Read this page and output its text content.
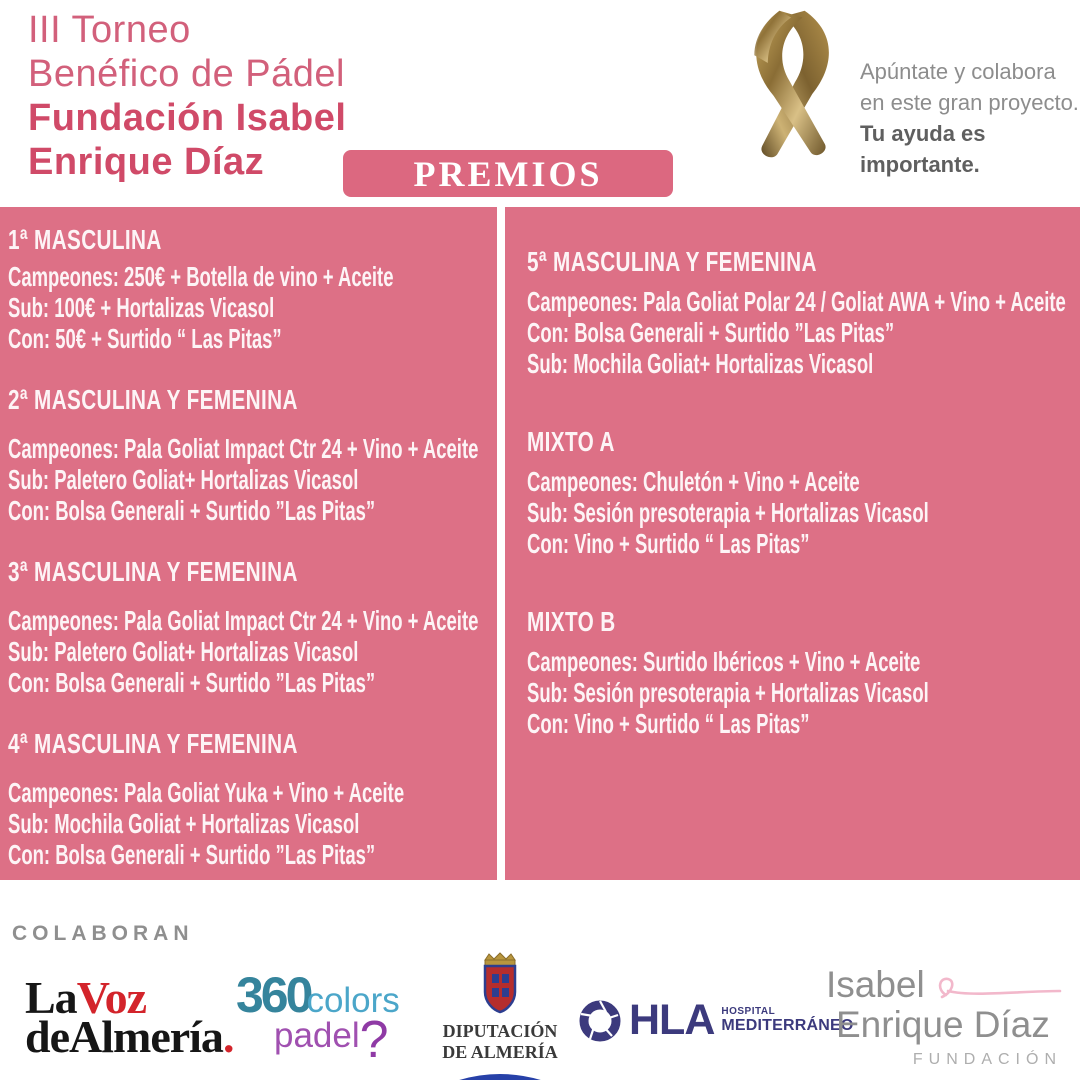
III Torneo
Benéfico de Pádel
Fundación Isabel
Enrique Díaz
Apúntate y colabora
en este gran proyecto.
Tu ayuda es importante.
PREMIOS
1ª MASCULINA
Campeones: 250€ + Botella de vino + Aceite
Sub: 100€ + Hortalizas Vicasol
Con: 50€ + Surtido “ Las Pitas”
2ª MASCULINA Y FEMENINA
Campeones: Pala Goliat Impact Ctr 24 + Vino + Aceite
Sub: Paletero Goliat+ Hortalizas Vicasol
Con: Bolsa Generali + Surtido ”Las Pitas”
3ª MASCULINA Y FEMENINA
Campeones: Pala Goliat Impact Ctr 24 + Vino + Aceite
Sub: Paletero Goliat+ Hortalizas Vicasol
Con: Bolsa Generali + Surtido ”Las Pitas”
4ª MASCULINA Y FEMENINA
Campeones: Pala Goliat Yuka + Vino + Aceite
Sub: Mochila Goliat + Hortalizas Vicasol
Con: Bolsa Generali + Surtido ”Las Pitas”
5ª MASCULINA Y FEMENINA
Campeones: Pala Goliat Polar 24 / Goliat AWA + Vino + Aceite
Con: Bolsa Generali + Surtido ”Las Pitas”
Sub: Mochila Goliat+ Hortalizas Vicasol
MIXTO A
Campeones: Chuletón + Vino + Aceite
Sub: Sesión presoterapia + Hortalizas Vicasol
Con: Vino + Surtido “ Las Pitas”
MIXTO B
Campeones: Surtido Ibéricos + Vino + Aceite
Sub: Sesión presoterapia + Hortalizas Vicasol
Con: Vino + Surtido “ Las Pitas”
COLABORAN
LaVoz
deAlmería.
360colors
padel?	DIPUTACIÓN
DE ALMERÍA
HLA HOSPITAL
MEDITERRÁNEO
Isabel
Enrique Díaz
FUNDACIÓN
